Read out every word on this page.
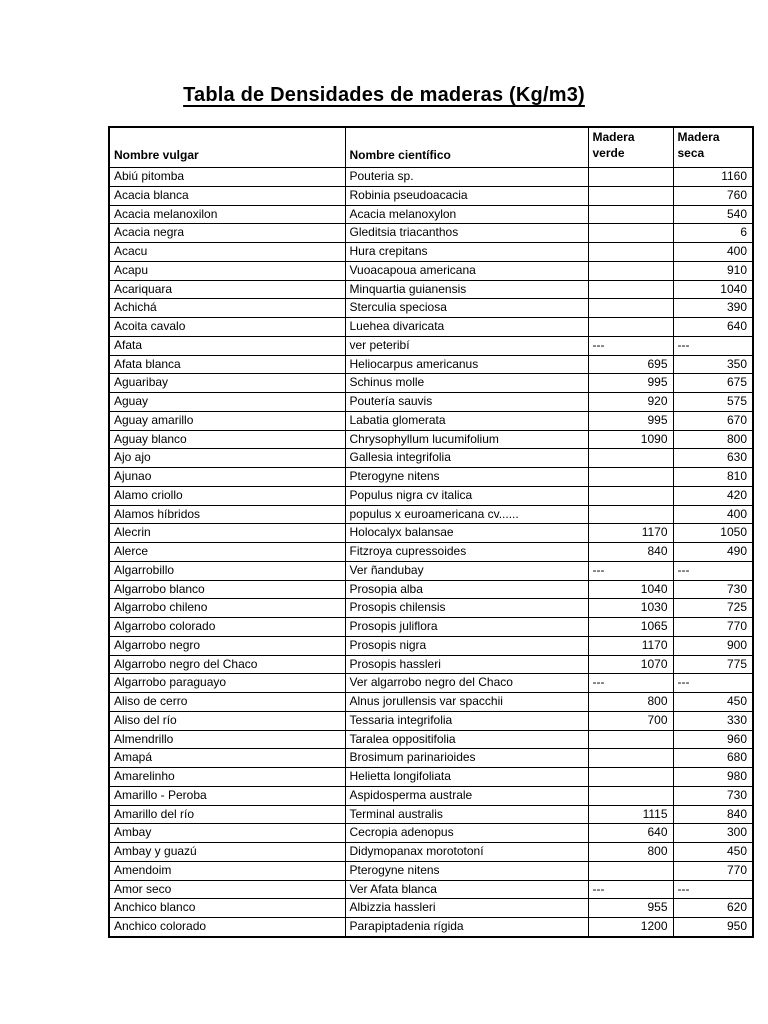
Tabla de Densidades de maderas (Kg/m3)
Nombre vulgar	Nombre científico	Madera verde	Madera seca
Abiú pitomba	Pouteria sp.		1160
Acacia blanca	Robinia pseudoacacia		760
Acacia melanoxilon	Acacia melanoxylon		540
Acacia negra	Gleditsia triacanthos		6
Acacu	Hura crepitans		400
Acapu	Vuoacapoua americana		910
Acariquara	Minquartia guianensis		1040
Achichá	Sterculia speciosa		390
Acoita cavalo	Luehea divaricata		640
Afata	ver peteribí	---	---
Afata blanca	Heliocarpus americanus	695	350
Aguaribay	Schinus molle	995	675
Aguay	Poutería sauvis	920	575
Aguay amarillo	Labatia glomerata	995	670
Aguay blanco	Chrysophyllum lucumifolium	1090	800
Ajo ajo	Gallesia integrifolia		630
Ajunao	Pterogyne nitens		810
Alamo criollo	Populus nigra cv italica		420
Alamos híbridos	populus x euroamericana cv......		400
Alecrin	Holocalyx balansae	1170	1050
Alerce	Fitzroya cupressoides	840	490
Algarrobillo	Ver ñandubay	---	---
Algarrobo blanco	Prosopia alba	1040	730
Algarrobo chileno	Prosopis chilensis	1030	725
Algarrobo colorado	Prosopis juliflora	1065	770
Algarrobo negro	Prosopis nigra	1170	900
Algarrobo negro del Chaco	Prosopis hassleri	1070	775
Algarrobo paraguayo	Ver algarrobo negro del Chaco	---	---
Aliso de cerro	Alnus jorullensis var spacchii	800	450
Aliso del río	Tessaria integrifolia	700	330
Almendrillo	Taralea oppositifolia		960
Amapá	Brosimum parinarioides		680
Amarelinho	Helietta longifoliata		980
Amarillo - Peroba	Aspidosperma australe		730
Amarillo del río	Terminal australis	1115	840
Ambay	Cecropia adenopus	640	300
Ambay y guazú	Didymopanax morototoní	800	450
Amendoim	Pterogyne nitens		770
Amor seco	Ver Afata blanca	---	---
Anchico blanco	Albizzia hassleri	955	620
Anchico colorado	Parapiptadenia rígida	1200	950
